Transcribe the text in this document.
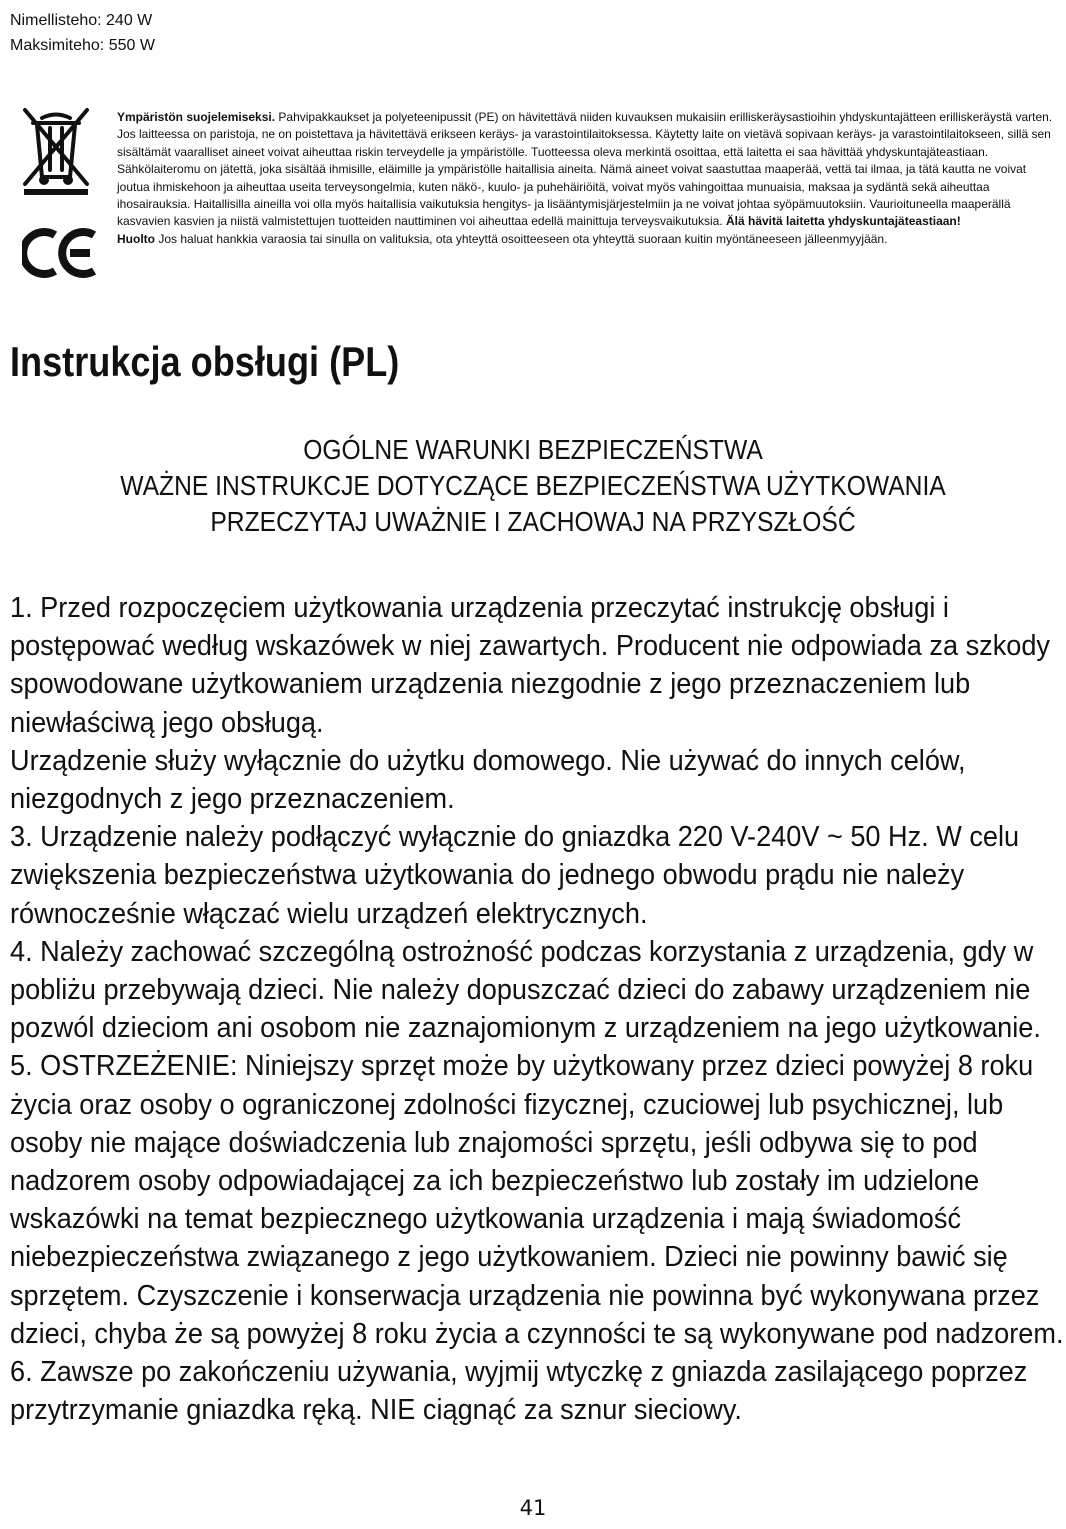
Nimellisteho: 240 W
Maksimiteho: 550 W

Ympäristön suojelemiseksi. Pahvipakkaukset ja polyeteenipussit (PE) on hävitettävä niiden kuvauksen mukaisiin erilliskeräysastioihin yhdyskuntajätteen erilliskeräystä varten. Jos laitteessa on paristoja, ne on poistettava ja hävitettävä erikseen keräys- ja varastointilaitoksessa. Käytetty laite on vietävä sopivaan keräys- ja varastointilaitokseen, sillä sen sisältämät vaaralliset aineet voivat aiheuttaa riskin terveydelle ja ympäristölle. Tuotteessa oleva merkintä osoittaa, että laitetta ei saa hävittää yhdyskuntajäteastiaan. Sähkölaiteromu on jätettä, joka sisältää ihmisille, eläimille ja ympäristölle haitallisia aineita. Nämä aineet voivat saastuttaa maaperää, vettä tai ilmaa, ja tätä kautta ne voivat joutua ihmiskehoon ja aiheuttaa useita terveysongelmia, kuten näkö-, kuulo- ja puhehäiriöitä, voivat myös vahingoittaa munuaisia, maksaa ja sydäntä sekä aiheuttaa ihosairauksia. Haitallisilla aineilla voi olla myös haitallisia vaikutuksia hengitys- ja lisääntymisjärjestelmiin ja ne voivat johtaa syöpämuutoksiin. Vaurioituneella maaperällä kasvavien kasvien ja niistä valmistettujen tuotteiden nauttiminen voi aiheuttaa edellä mainittuja terveysvaikutuksia. Älä hävitä laitetta yhdyskuntajäteastiaan!

Huolto Jos haluat hankkia varaosia tai sinulla on valituksia, ota yhteyttä osoitteeseen ota yhteyttä suoraan kuitin myöntäneeseen jälleenmyyjään.

Instrukcja obsługi (PL)
OGÓLNE WARUNKI BEZPIECZEŃSTWA
WAŻNE INSTRUKCJE DOTYCZĄCE BEZPIECZEŃSTWA UŻYTKOWANIA
PRZECZYTAJ UWAŻNIE I ZACHOWAJ NA PRZYSZŁOŚĆ

1. Przed rozpoczęciem użytkowania urządzenia przeczytać instrukcję obsługi i postępować według wskazówek w niej zawartych. Producent nie odpowiada za szkody spowodowane użytkowaniem urządzenia niezgodnie z jego przeznaczeniem lub niewłaściwą jego obsługą.

Urządzenie służy wyłącznie do użytku domowego. Nie używać do innych celów, niezgodnych z jego przeznaczeniem.

3. Urządzenie należy podłączyć wyłącznie do gniazdka 220 V-240V ~ 50 Hz. W celu zwiększenia bezpieczeństwa użytkowania do jednego obwodu prądu nie należy równocześnie włączać wielu urządzeń elektrycznych.

4. Należy zachować szczególną ostrożność podczas korzystania z urządzenia, gdy w pobliżu przebywają dzieci. Nie należy dopuszczać dzieci do zabawy urządzeniem nie pozwól dzieciom ani osobom nie zaznajomionym z urządzeniem na jego użytkowanie.

5. OSTRZEŻENIE: Niniejszy sprzęt może by użytkowany przez dzieci powyżej 8 roku życia oraz osoby o ograniczonej zdolności fizycznej, czuciowej lub psychicznej, lub osoby nie mające doświadczenia lub znajomości sprzętu, jeśli odbywa się to pod nadzorem osoby odpowiadającej za ich bezpieczeństwo lub zostały im udzielone wskazówki na temat bezpiecznego użytkowania urządzenia i mają świadomość niebezpieczeństwa związanego z jego użytkowaniem. Dzieci nie powinny bawić się sprzętem. Czyszczenie i konserwacja urządzenia nie powinna być wykonywana przez dzieci, chyba że są powyżej 8 roku życia a czynności te są wykonywane pod nadzorem.

6. Zawsze po zakończeniu używania, wyjmij wtyczkę z gniazda zasilającego poprzez przytrzymanie gniazdka ręką. NIE ciągnąć za sznur sieciowy.

41
